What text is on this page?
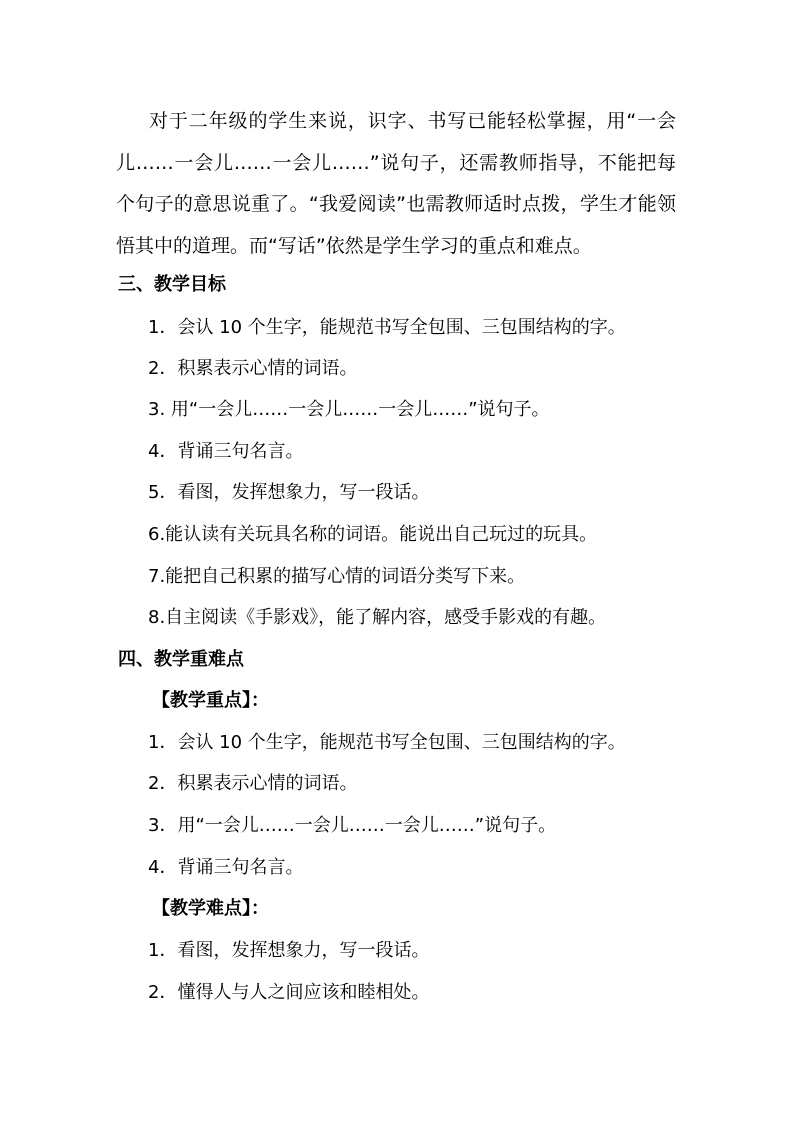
对于二年级的学生来说，识字、书写已能轻松掌握，用“一会儿……一会儿……一会儿……”说句子，还需教师指导，不能把每个句子的意思说重了。“我爱阅读”也需教师适时点拨，学生才能领悟其中的道理。而“写话”依然是学生学习的重点和难点。

三、教学目标
1．会认 10 个生字，能规范书写全包围、三包围结构的字。
2．积累表示心情的词语。
3. 用“一会儿……一会儿……一会儿……”说句子。
4．背诵三句名言。
5．看图，发挥想象力，写一段话。
6.能认读有关玩具名称的词语。能说出自己玩过的玩具。
7.能把自己积累的描写心情的词语分类写下来。
8.自主阅读《手影戏》，能了解内容，感受手影戏的有趣。
四、教学重难点
【教学重点】：
1．会认 10 个生字，能规范书写全包围、三包围结构的字。
2．积累表示心情的词语。
3．用“一会儿……一会儿……一会儿……”说句子。
4．背诵三句名言。
【教学难点】：
1．看图，发挥想象力，写一段话。
2．懂得人与人之间应该和睦相处。
